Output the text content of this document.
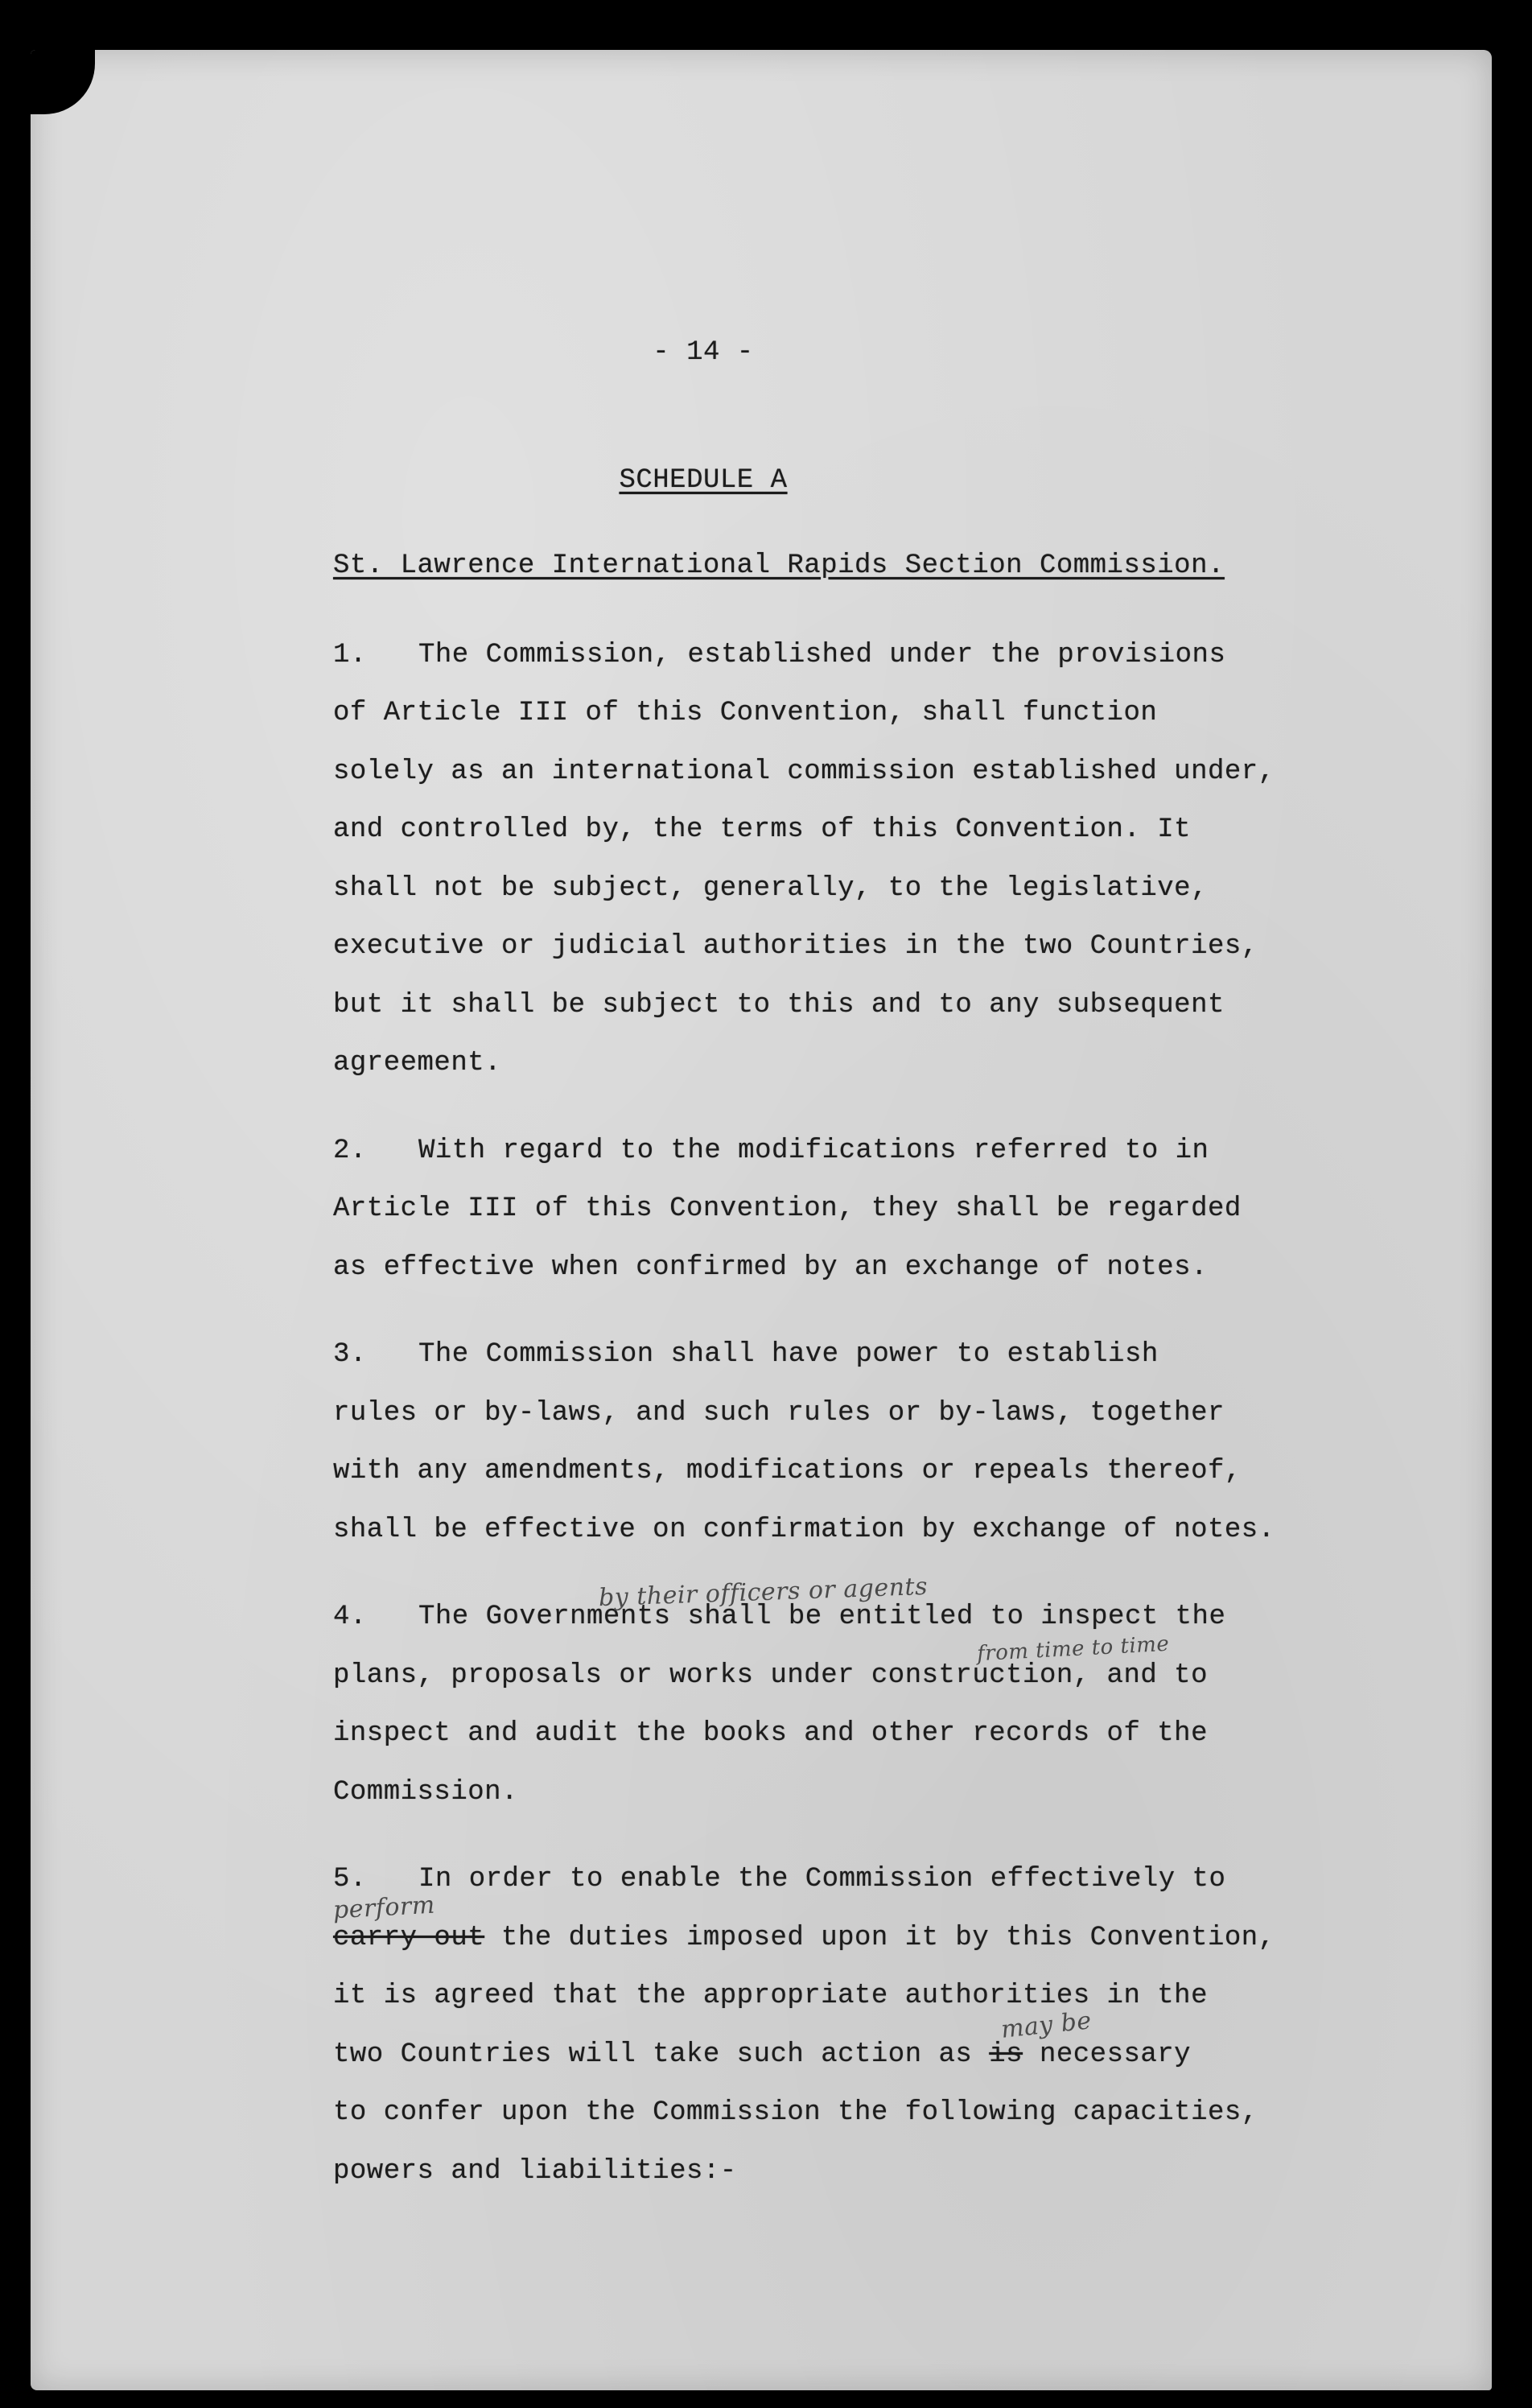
- 14 -
SCHEDULE A
St. Lawrence International Rapids Section Commission.
1. The Commission, established under the provisions
of Article III of this Convention, shall function
solely as an international commission established under,
and controlled by, the terms of this Convention. It
shall not be subject, generally, to the legislative,
executive or judicial authorities in the two Countries,
but it shall be subject to this and to any subsequent
agreement.
2. With regard to the modifications referred to in
Article III of this Convention, they shall be regarded
as effective when confirmed by an exchange of notes.
3. The Commission shall have power to establish
rules or by-laws, and such rules or by-laws, together
with any amendments, modifications or repeals thereof,
shall be effective on confirmation by exchange of notes.
by their officers or agents
from time to time
4. The Governments shall be entitled to inspect the
plans, proposals or works under construction, and to
inspect and audit the books and other records of the
Commission.
perform
may be
5. In order to enable the Commission effectively to
carry out the duties imposed upon it by this Convention,
it is agreed that the appropriate authorities in the
two Countries will take such action as is necessary
to confer upon the Commission the following capacities,
powers and liabilities:-
